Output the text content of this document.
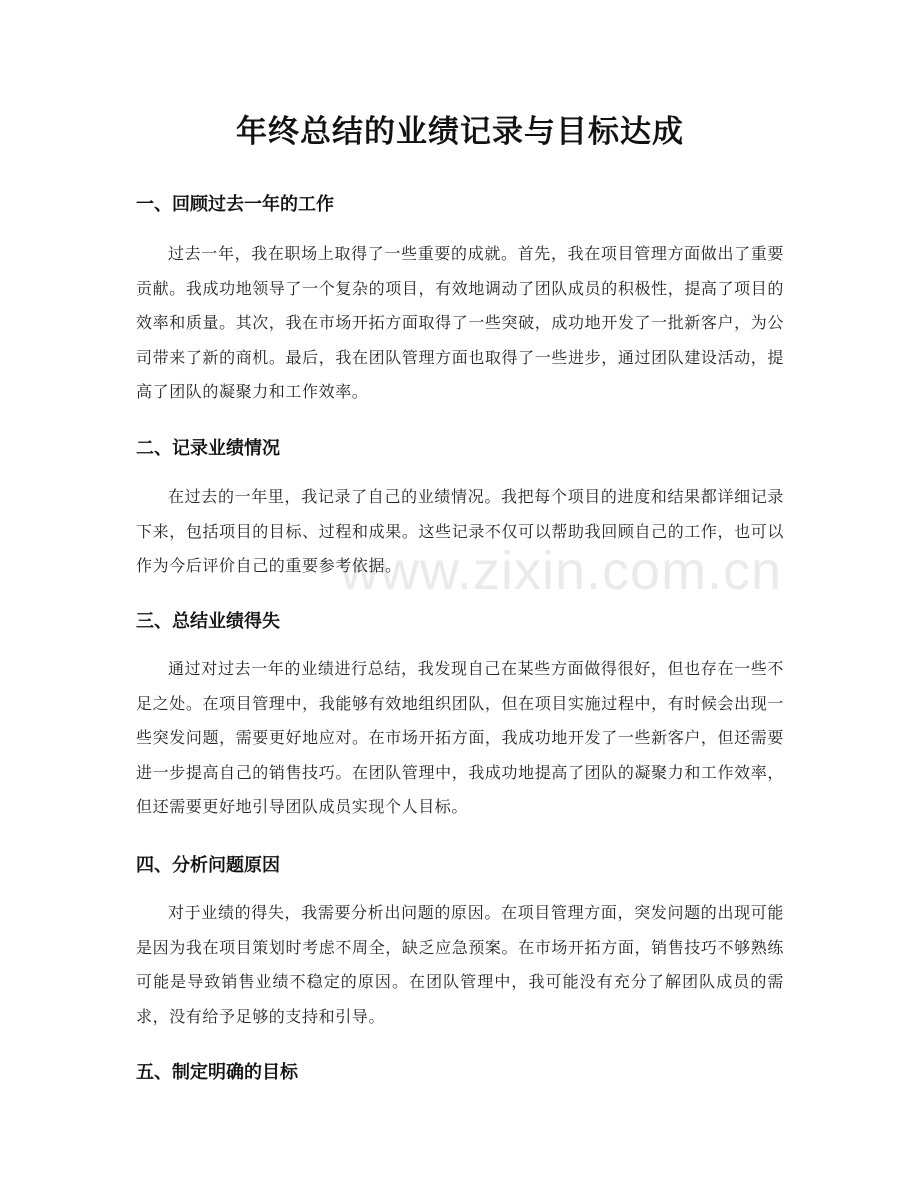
年终总结的业绩记录与目标达成
www.zixin.com.cn
一、回顾过去一年的工作

过去一年，我在职场上取得了一些重要的成就。首先，我在项目管理方面做出了重要贡献。我成功地领导了一个复杂的项目，有效地调动了团队成员的积极性，提高了项目的效率和质量。其次，我在市场开拓方面取得了一些突破，成功地开发了一批新客户，为公司带来了新的商机。最后，我在团队管理方面也取得了一些进步，通过团队建设活动，提高了团队的凝聚力和工作效率。

二、记录业绩情况

在过去的一年里，我记录了自己的业绩情况。我把每个项目的进度和结果都详细记录下来，包括项目的目标、过程和成果。这些记录不仅可以帮助我回顾自己的工作，也可以作为今后评价自己的重要参考依据。

三、总结业绩得失

通过对过去一年的业绩进行总结，我发现自己在某些方面做得很好，但也存在一些不足之处。在项目管理中，我能够有效地组织团队，但在项目实施过程中，有时候会出现一些突发问题，需要更好地应对。在市场开拓方面，我成功地开发了一些新客户，但还需要进一步提高自己的销售技巧。在团队管理中，我成功地提高了团队的凝聚力和工作效率，但还需要更好地引导团队成员实现个人目标。

四、分析问题原因

对于业绩的得失，我需要分析出问题的原因。在项目管理方面，突发问题的出现可能是因为我在项目策划时考虑不周全，缺乏应急预案。在市场开拓方面，销售技巧不够熟练可能是导致销售业绩不稳定的原因。在团队管理中，我可能没有充分了解团队成员的需求，没有给予足够的支持和引导。

五、制定明确的目标
